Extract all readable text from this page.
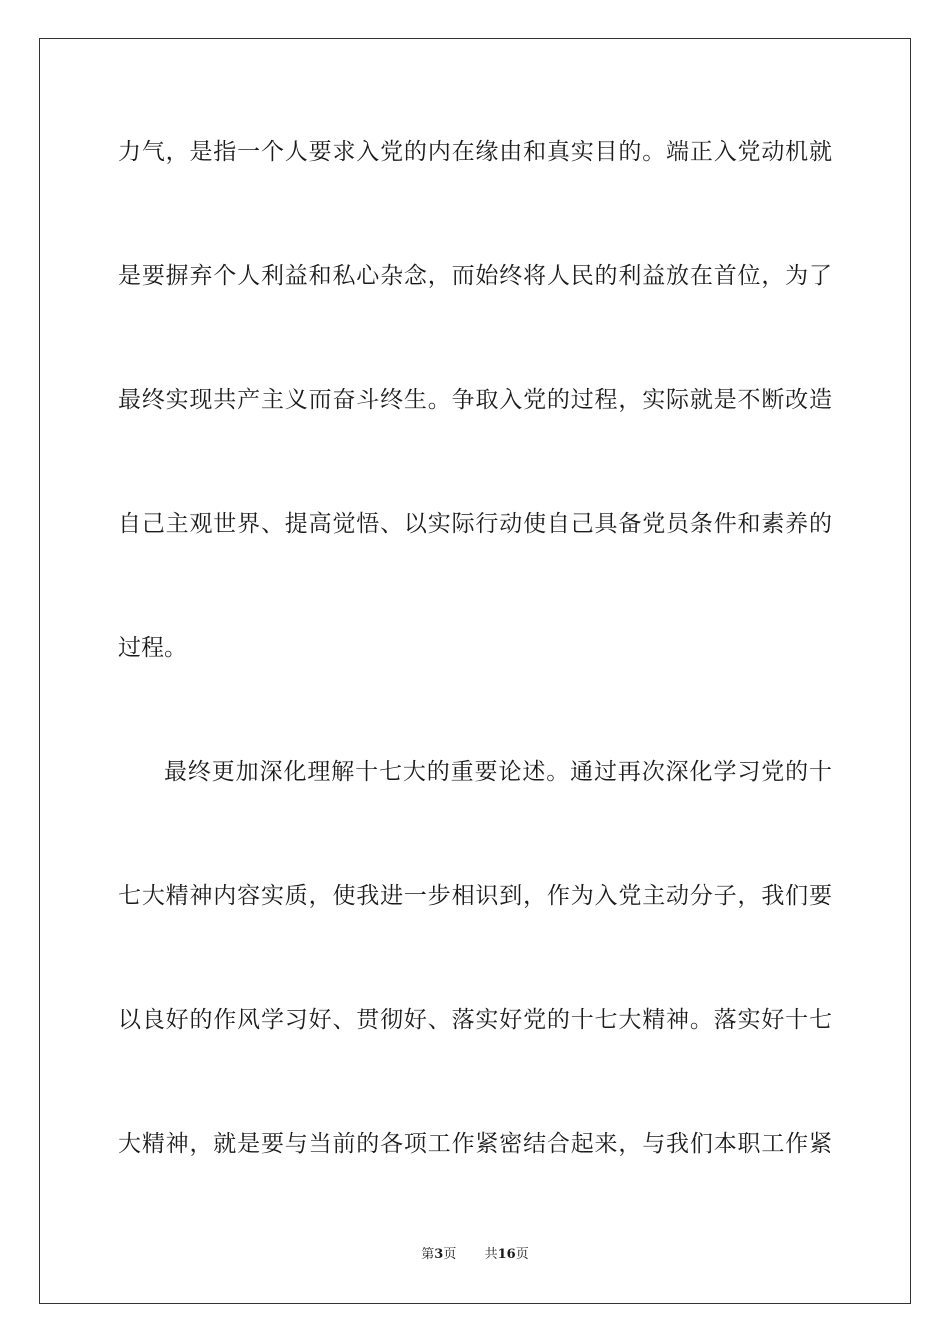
力气，是指一个人要求入党的内在缘由和真实目的。端正入党动机就
是要摒弃个人利益和私心杂念，而始终将人民的利益放在首位，为了
最终实现共产主义而奋斗终生。争取入党的过程，实际就是不断改造
自己主观世界、提高觉悟、以实际行动使自己具备党员条件和素养的
过程。
最终更加深化理解十七大的重要论述。通过再次深化学习党的十
七大精神内容实质，使我进一步相识到，作为入党主动分子，我们要
以良好的作风学习好、贯彻好、落实好党的十七大精神。落实好十七
大精神，就是要与当前的各项工作紧密结合起来，与我们本职工作紧
第3页 共16页
